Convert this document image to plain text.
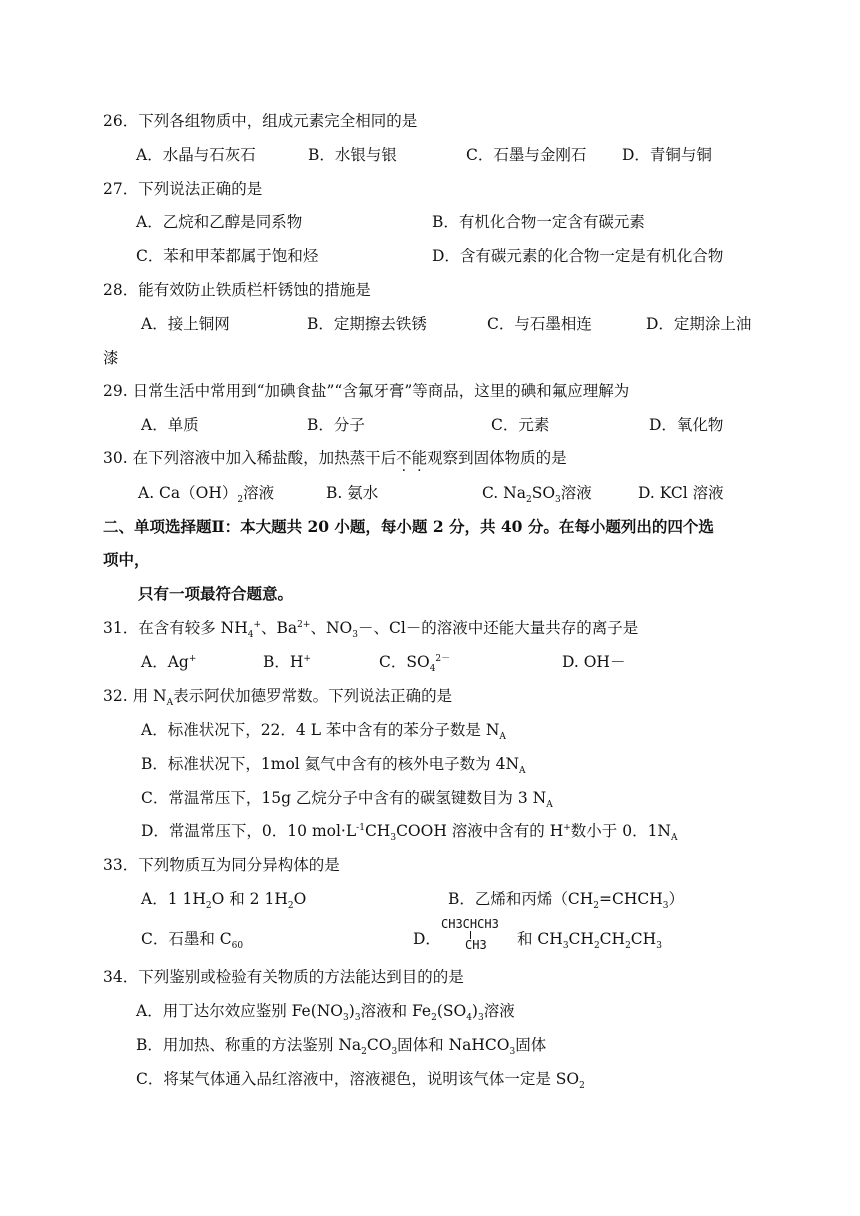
26．下列各组物质中，组成元素完全相同的是
A．水晶与石灰石	B．水银与银	C．石墨与金刚石 D．青铜与铜
27．下列说法正确的是
A．乙烷和乙醇是同系物	B．有机化合物一定含有碳元素
C．苯和甲苯都属于饱和烃	D．含有碳元素的化合物一定是有机化合物
28．能有效防止铁质栏杆锈蚀的措施是
A．接上铜网	B．定期擦去铁锈	C．与石墨相连	D．定期涂上油
漆
29. 日常生活中常用到“加碘食盐”“含氟牙膏”等商品，这里的碘和氟应理解为
A．单质	B．分子	C．元素	D．氧化物
30. 在下列溶液中加入稀盐酸，加热蒸干后不能观察到固体物质的是
A. $Ca(OH)_2$溶液	B. 氨水	C. $Na_2SO_3$溶液	D. KCl 溶液
二、单项选择题Ⅱ：本大题共 20 小题，每小题 2 分，共 40 分。在每小题列出的四个选
项中，
只有一项最符合题意。
31．在含有较多 $NH_4^+$、$Ba^{2+}$、$NO_3-$、Cl－的溶液中还能大量共存的离子是
A．Ag+	B．H+	C．$SO_4^{2-}$	D. OH－
32. 用 $N_A$表示阿伏加德罗常数。下列说法正确的是
A．标准状况下，22．4 L 苯中含有的苯分子数是 $N_A$
B．标准状况下，1mol 氦气中含有的核外电子数为 $4N_A$
C．常温常压下，15g 乙烷分子中含有的碳氢键数目为 3 $N_A$
D．常温常压下，0．10 $mol\cdot L^{-1}CH_3COOH$ 溶液中含有的 H+数小于 0．$1N_A$
33．下列物质互为同分异构体的是
A．1 $1H_2O$ 和 2 $1H_2O$	B．乙烯和丙烯$(CH_2=CHCH_3)$
C．石墨和 $C_{60}$	D．
CH3CHCH3
CH3 和 $CH_3CH_2CH_2CH_3$
34．下列鉴别或检验有关物质的方法能达到目的的是
A．用丁达尔效应鉴别 $Fe(NO_3)_3$溶液和 $Fe_2(SO_4)_3$溶液
B．用加热、称重的方法鉴别 $Na_2CO_3$固体和 NaHCO$_3$固体
C．将某气体通入品红溶液中，溶液褪色，说明该气体一定是 $SO_2$
